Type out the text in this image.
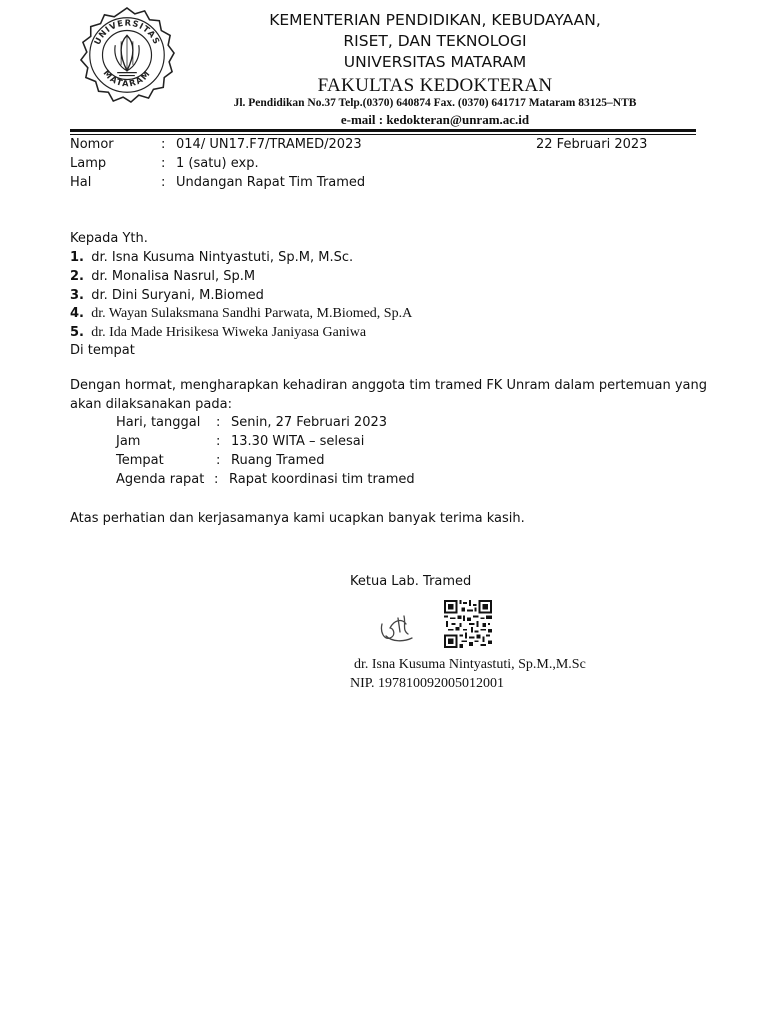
UNIVERSITAS
MATARAM
KEMENTERIAN PENDIDIKAN, KEBUDAYAAN,
RISET, DAN TEKNOLOGI
UNIVERSITAS MATARAM
FAKULTAS KEDOKTERAN
Jl. Pendidikan No.37 Telp.(0370) 640874 Fax. (0370) 641717 Mataram 83125–NTB
e-mail : kedokteran@unram.ac.id
Nomor	: 014/ UN17.F7/TRAMED/2023	22 Februari 2023
Lamp	: 1 (satu) exp.
Hal	: Undangan Rapat Tim Tramed
Kepada Yth.
1. dr. Isna Kusuma Nintyastuti, Sp.M, M.Sc.
2. dr. Monalisa Nasrul, Sp.M
3. dr. Dini Suryani, M.Biomed
4. dr. Wayan Sulaksmana Sandhi Parwata, M.Biomed, Sp.A
5. dr. Ida Made Hrisikesa Wiweka Janiyasa Ganiwa
Di tempat
Dengan hormat, mengharapkan kehadiran anggota tim tramed FK Unram dalam pertemuan yang
akan dilaksanakan pada:
Hari, tanggal : Senin, 27 Februari 2023
Jam	: 13.30 WITA – selesai
Tempat	: Ruang Tramed
Agenda rapat : Rapat koordinasi tim tramed
Atas perhatian dan kerjasamanya kami ucapkan banyak terima kasih.
Ketua Lab. Tramed
dr. Isna Kusuma Nintyastuti, Sp.M.,M.Sc
NIP. 197810092005012001
